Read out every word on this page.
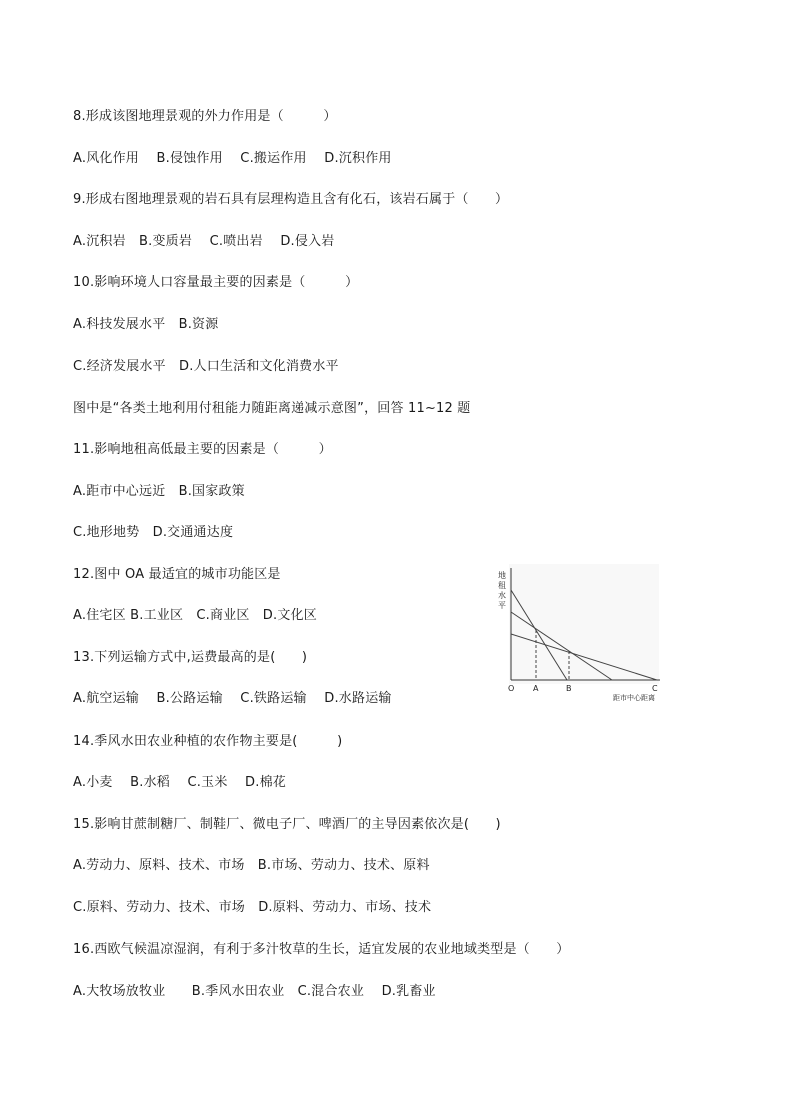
8.形成该图地理景观的外力作用是（　　　）
A.风化作用　 B.侵蚀作用　 C.搬运作用　 D.沉积作用
9.形成右图地理景观的岩石具有层理构造且含有化石，该岩石属于（　　）
A.沉积岩　B.变质岩　 C.喷出岩　 D.侵入岩
10.影响环境人口容量最主要的因素是（　　　）
A.科技发展水平　B.资源
C.经济发展水平　D.人口生活和文化消费水平
图中是“各类土地利用付租能力随距离递减示意图”，回答 11~12 题
11.影响地租高低最主要的因素是（　　　）
A.距市中心远近　B.国家政策
C.地形地势　D.交通通达度
12.图中 OA 最适宜的城市功能区是
A.住宅区 B.工业区　C.商业区　D.文化区
13.下列运输方式中,运费最高的是(　　)
A.航空运输　 B.公路运输　 C.铁路运输　 D.水路运输
14.季风水田农业种植的农作物主要是(　　　)
A.小麦　 B.水稻　 C.玉米　 D.棉花
15.影响甘蔗制糖厂、制鞋厂、微电子厂、啤酒厂的主导因素依次是(　　)
A.劳动力、原料、技术、市场　B.市场、劳动力、技术、原料
C.原料、劳动力、技术、市场　D.原料、劳动力、市场、技术
16.西欧气候温凉湿润，有利于多汁牧草的生长，适宜发展的农业地域类型是（　　）
A.大牧场放牧业　　B.季风水田农业　C.混合农业　 D.乳畜业
地
租
水
平
O A	B	C
距市中心距离
